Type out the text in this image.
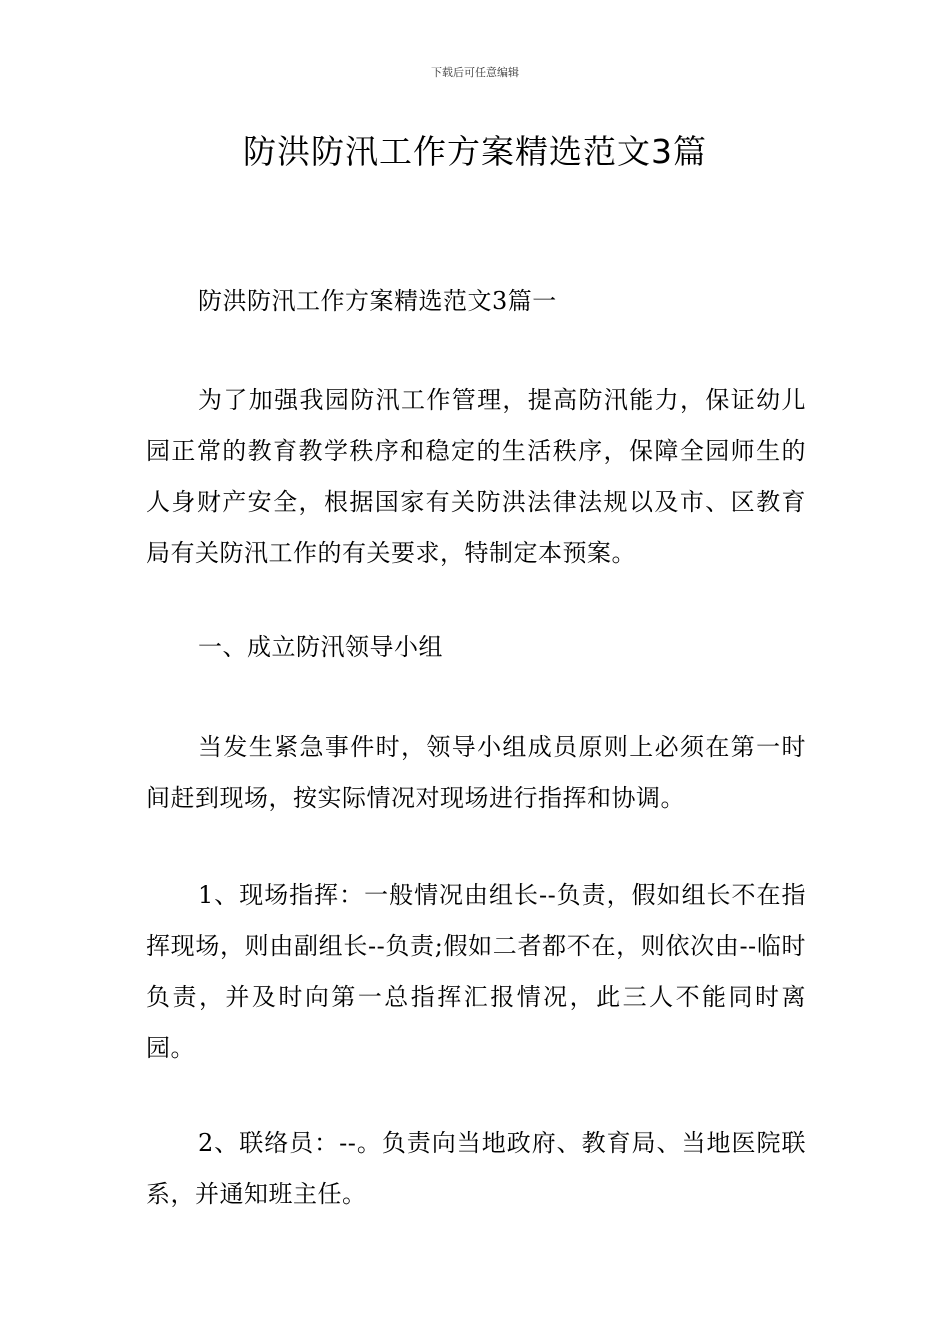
下载后可任意编辑
防洪防汛工作方案精选范文3篇

防洪防汛工作方案精选范文3篇一

为了加强我园防汛工作管理，提高防汛能力，保证幼儿园正常的教育教学秩序和稳定的生活秩序，保障全园师生的人身财产安全，根据国家有关防洪法律法规以及市、区教育局有关防汛工作的有关要求，特制定本预案。

一、成立防汛领导小组

当发生紧急事件时，领导小组成员原则上必须在第一时间赶到现场，按实际情况对现场进行指挥和协调。

1、现场指挥：一般情况由组长--负责，假如组长不在指挥现场，则由副组长--负责;假如二者都不在，则依次由--临时负责，并及时向第一总指挥汇报情况，此三人不能同时离园。

2、联络员：--。负责向当地政府、教育局、当地医院联系，并通知班主任。
